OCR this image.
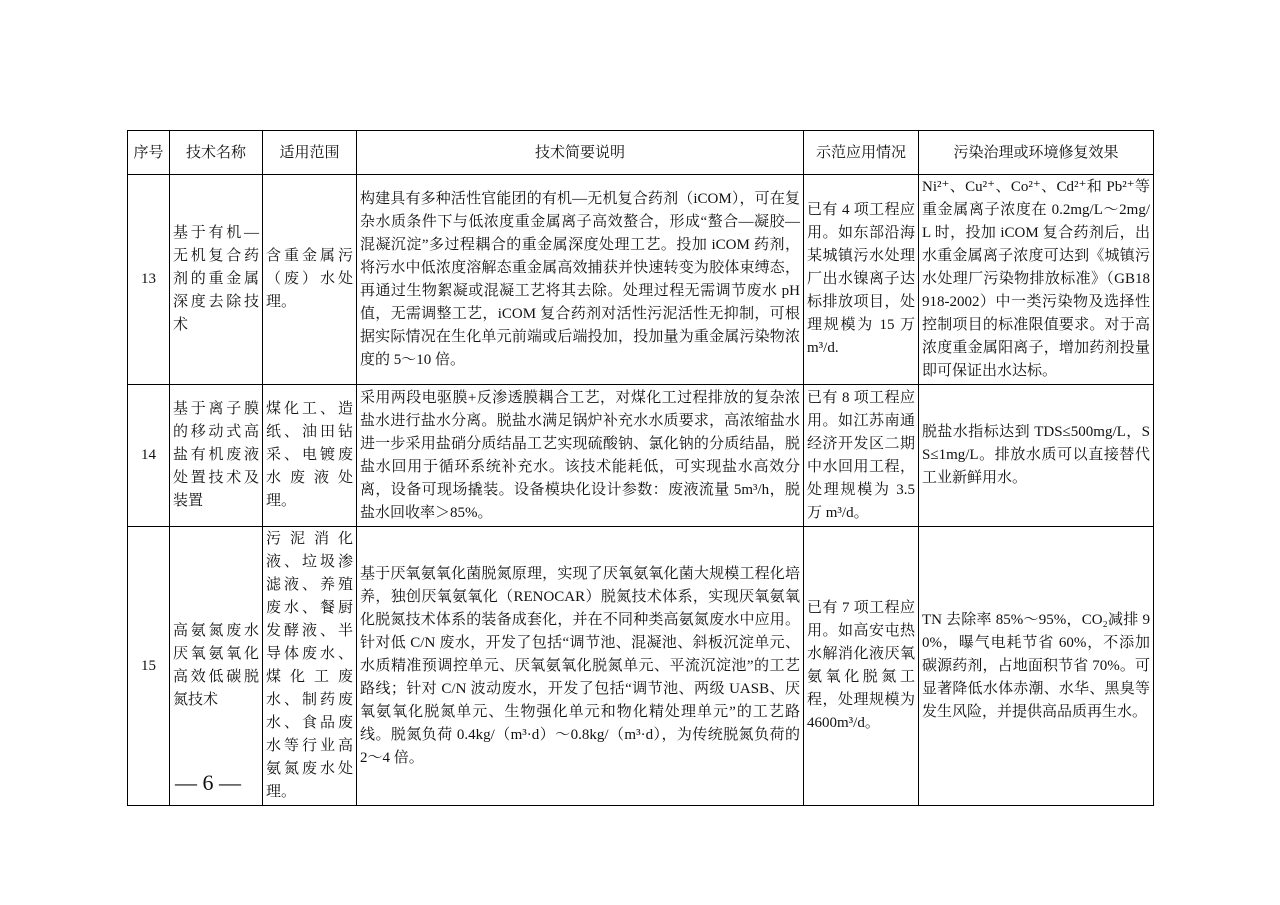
序号	技术名称	适用范围	技术简要说明	示范应用情况	污染治理或环境修复效果
13	基于有机—无机复合药剂的重金属深度去除技术	含重金属污（废）水处理。	构建具有多种活性官能团的有机—无机复合药剂（iCOM），可在复杂水质条件下与低浓度重金属离子高效螯合，形成“螯合—凝胶—混凝沉淀”多过程耦合的重金属深度处理工艺。投加 iCOM 药剂，将污水中低浓度溶解态重金属高效捕获并快速转变为胶体束缚态，再通过生物絮凝或混凝工艺将其去除。处理过程无需调节废水 pH 值，无需调整工艺，iCOM 复合药剂对活性污泥活性无抑制，可根据实际情况在生化单元前端或后端投加，投加量为重金属污染物浓度的 5～10 倍。	已有 4 项工程应用。如东部沿海某城镇污水处理厂出水镍离子达标排放项目，处理规模为 15 万 m³/d.	Ni²⁺、Cu²⁺、Co²⁺、Cd²⁺和 Pb²⁺等重金属离子浓度在 0.2mg/L～2mg/L 时，投加 iCOM 复合药剂后，出水重金属离子浓度可达到《城镇污水处理厂污染物排放标准》（GB18918-2002）中一类污染物及选择性控制项目的标准限值要求。对于高浓度重金属阳离子，增加药剂投量即可保证出水达标。
14	基于离子膜的移动式高盐有机废液处置技术及装置	煤化工、造纸、油田钻采、电镀废水废液处理。	采用两段电驱膜+反渗透膜耦合工艺，对煤化工过程排放的复杂浓盐水进行盐水分离。脱盐水满足锅炉补充水水质要求，高浓缩盐水进一步采用盐硝分质结晶工艺实现硫酸钠、氯化钠的分质结晶，脱盐水回用于循环系统补充水。该技术能耗低，可实现盐水高效分离，设备可现场撬装。设备模块化设计参数：废液流量 5m³/h，脱盐水回收率＞85%。	已有 8 项工程应用。如江苏南通经济开发区二期中水回用工程，处理规模为 3.5 万 m³/d。	脱盐水指标达到 TDS≤500mg/L，SS≤1mg/L。排放水质可以直接替代工业新鲜用水。
15	高氨氮废水厌氧氨氧化高效低碳脱氮技术	污泥消化液、垃圾渗滤液、养殖废水、餐厨发酵液、半导体废水、煤化工废水、制药废水、食品废水等行业高氨氮废水处理。	基于厌氧氨氧化菌脱氮原理，实现了厌氧氨氧化菌大规模工程化培养，独创厌氧氨氧化（RENOCAR）脱氮技术体系，实现厌氧氨氧化脱氮技术体系的装备成套化，并在不同种类高氨氮废水中应用。针对低 C/N 废水，开发了包括“调节池、混凝池、斜板沉淀单元、水质精准预调控单元、厌氧氨氧化脱氮单元、平流沉淀池”的工艺路线；针对 C/N 波动废水，开发了包括“调节池、两级 UASB、厌氧氨氧化脱氮单元、生物强化单元和物化精处理单元”的工艺路线。脱氮负荷 0.4kg/（m³·d）～0.8kg/（m³·d），为传统脱氮负荷的 2～4 倍。	已有 7 项工程应用。如高安屯热水解消化液厌氧氨氧化脱氮工程，处理规模为 4600m³/d。	TN 去除率 85%～95%，CO₂减排 90%，曝气电耗节省 60%，不添加碳源药剂，占地面积节省 70%。可显著降低水体赤潮、水华、黑臭等发生风险，并提供高品质再生水。
— 6 —
